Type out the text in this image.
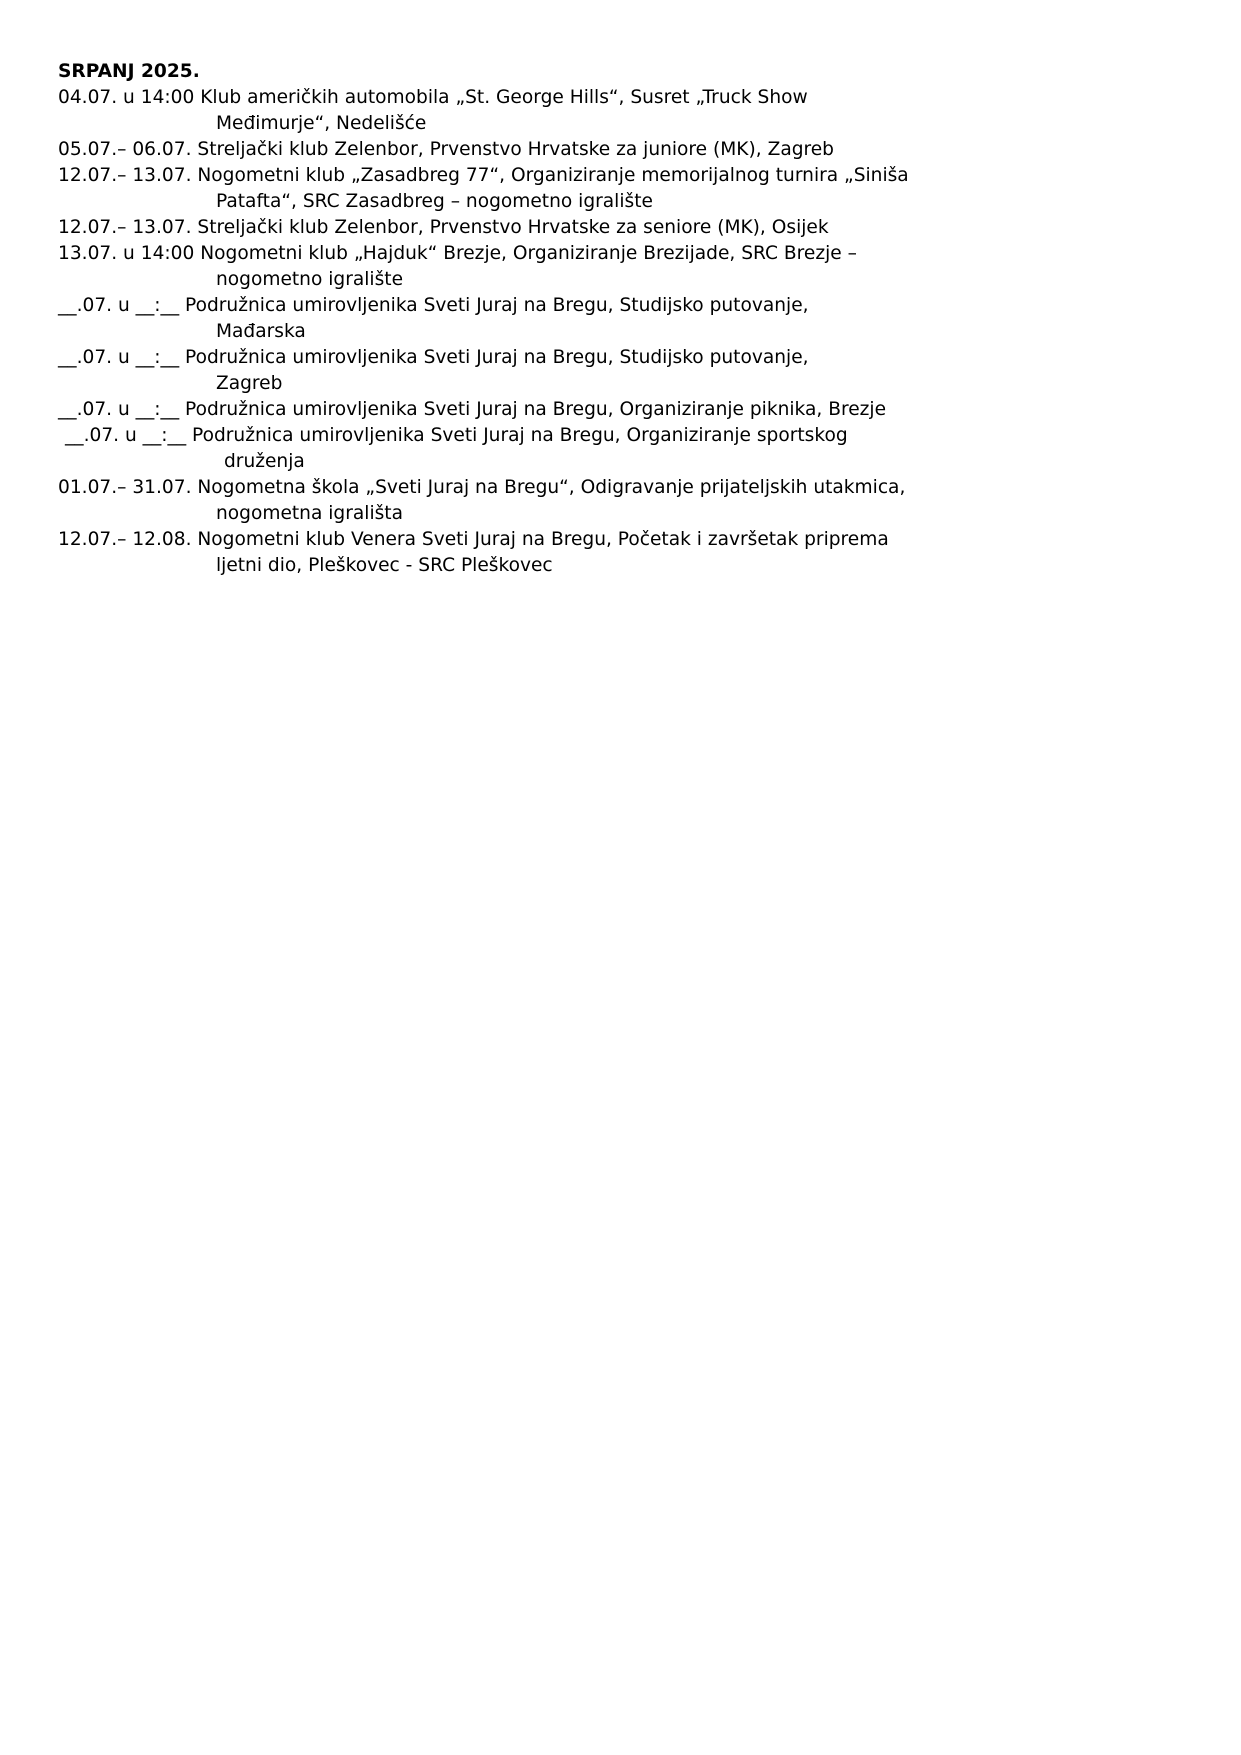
SRPANJ 2025.

04.07. u 14:00 Klub američkih automobila „St. George Hills“, Susret „Truck Show
Međimurje“, Nedelišće

05.07.– 06.07. Streljački klub Zelenbor, Prvenstvo Hrvatske za juniore (MK), Zagreb

12.07.– 13.07. Nogometni klub „Zasadbreg 77“, Organiziranje memorijalnog turnira „Siniša
Patafta“, SRC Zasadbreg – nogometno igralište

12.07.– 13.07. Streljački klub Zelenbor, Prvenstvo Hrvatske za seniore (MK), Osijek

13.07. u 14:00 Nogometni klub „Hajduk“ Brezje, Organiziranje Brezijade, SRC Brezje –
nogometno igralište

__.07. u __:__ Podružnica umirovljenika Sveti Juraj na Bregu, Studijsko putovanje,
Mađarska

__.07. u __:__ Podružnica umirovljenika Sveti Juraj na Bregu, Studijsko putovanje,
Zagreb

__.07. u __:__ Podružnica umirovljenika Sveti Juraj na Bregu, Organiziranje piknika, Brezje

__.07. u __:__ Podružnica umirovljenika Sveti Juraj na Bregu, Organiziranje sportskog
druženja

01.07.– 31.07. Nogometna škola „Sveti Juraj na Bregu“, Odigravanje prijateljskih utakmica,
nogometna igrališta

12.07.– 12.08. Nogometni klub Venera Sveti Juraj na Bregu, Početak i završetak priprema
ljetni dio, Pleškovec - SRC Pleškovec
